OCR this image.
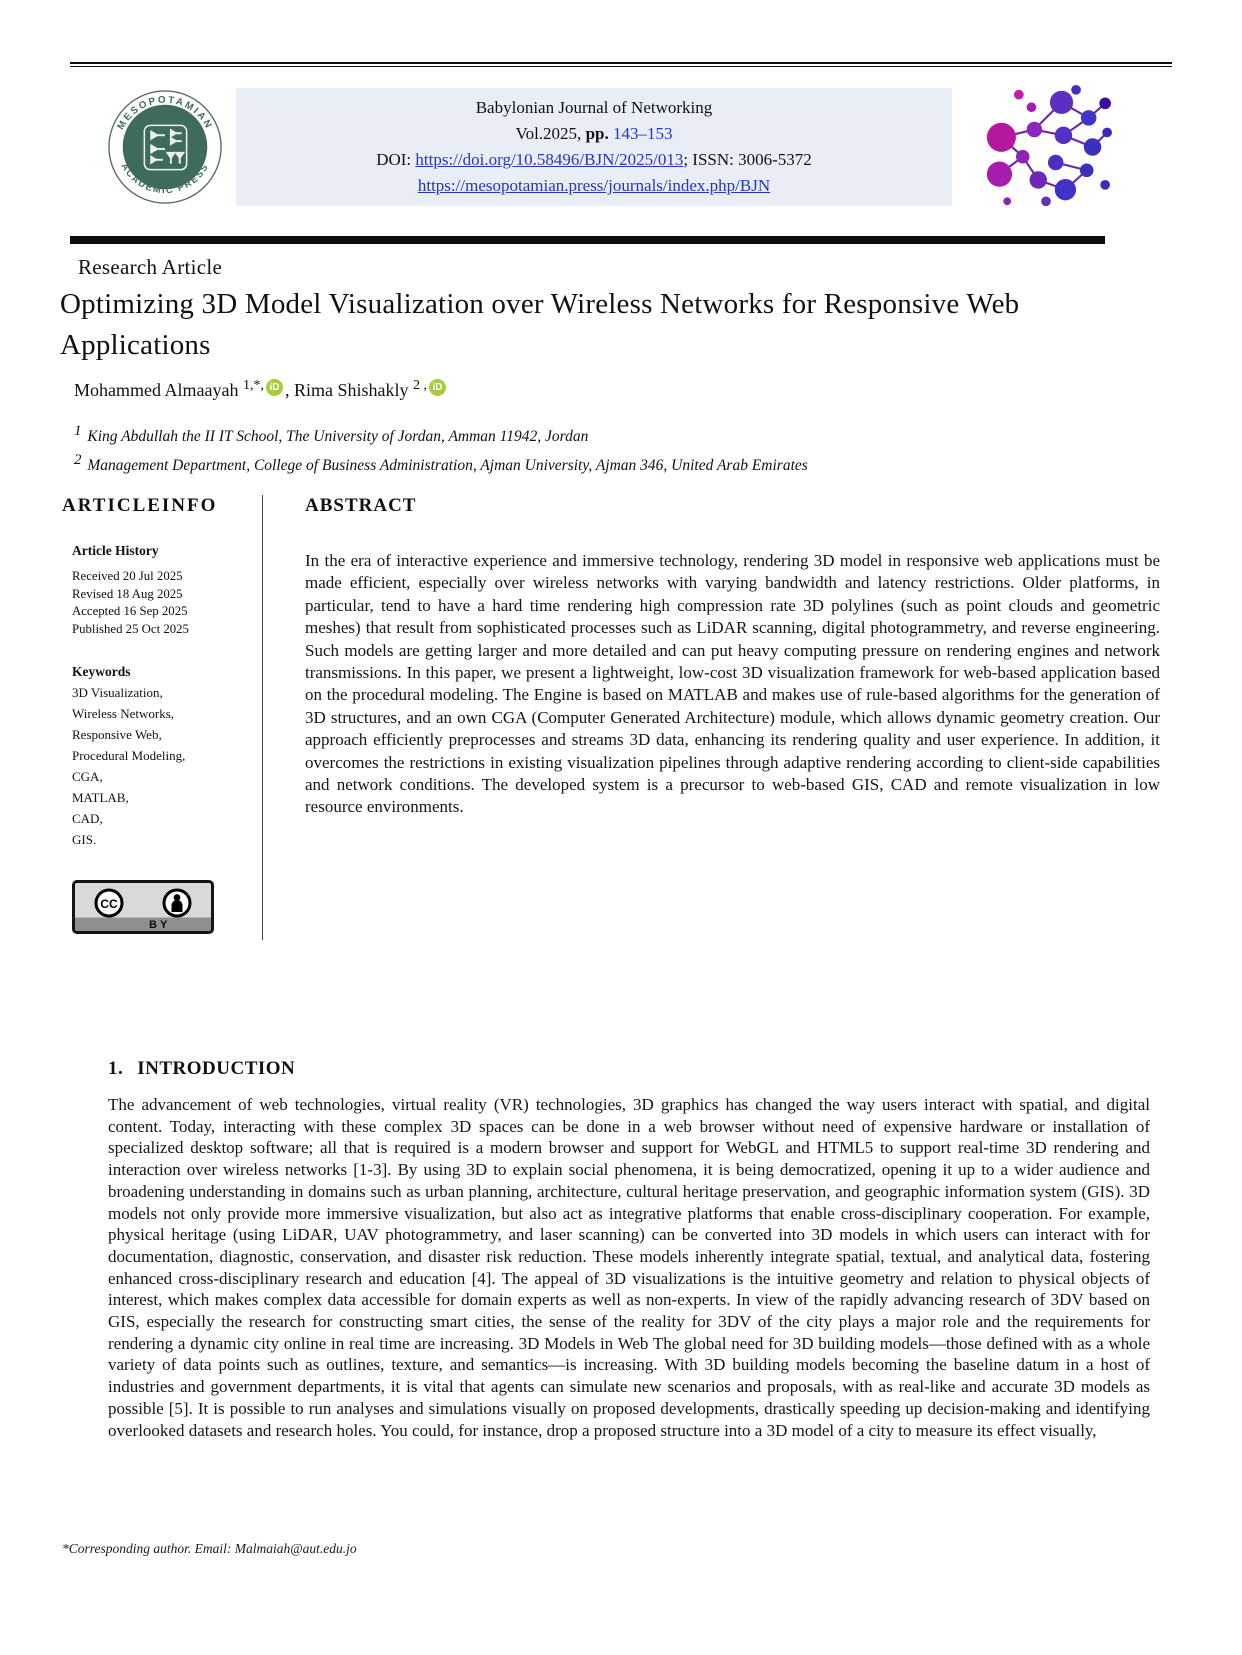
MESOPOTAMIAN
ACADEMIC PRESS
Babylonian Journal of Networking
Vol.2025, pp. 143–153
DOI: https://doi.org/10.58496/BJN/2025/013; ISSN: 3006-5372
https://mesopotamian.press/journals/index.php/BJN
Research Article
Optimizing 3D Model Visualization over Wireless Networks for Responsive Web Applications
Mohammed Almaayah $^{1,*,}$ iD , Rima Shishakly $^{2 ,}$ iD
1 King Abdullah the II IT School, The University of Jordan, Amman 11942, Jordan
2 Management Department, College of Business Administration, Ajman University, Ajman 346, United Arab Emirates
ARTICLEINFO
Article History
Received 20 Jul 2025
Revised 18 Aug 2025
Accepted 16 Sep 2025
Published 25 Oct 2025
Keywords
3D Visualization,
Wireless Networks,
Responsive Web,
Procedural Modeling,
CGA,
MATLAB,
CAD,
GIS.
CC
BY
ABSTRACT

In the era of interactive experience and immersive technology, rendering 3D model in responsive web applications must be made efficient, especially over wireless networks with varying bandwidth and latency restrictions. Older platforms, in particular, tend to have a hard time rendering high compression rate 3D polylines (such as point clouds and geometric meshes) that result from sophisticated processes such as LiDAR scanning, digital photogrammetry, and reverse engineering. Such models are getting larger and more detailed and can put heavy computing pressure on rendering engines and network transmissions. In this paper, we present a lightweight, low-cost 3D visualization framework for web-based application based on the procedural modeling. The Engine is based on MATLAB and makes use of rule-based algorithms for the generation of 3D structures, and an own CGA (Computer Generated Architecture) module, which allows dynamic geometry creation. Our approach efficiently preprocesses and streams 3D data, enhancing its rendering quality and user experience. In addition, it overcomes the restrictions in existing visualization pipelines through adaptive rendering according to client-side capabilities and network conditions. The developed system is a precursor to web-based GIS, CAD and remote visualization in low resource environments.

1. INTRODUCTION

The advancement of web technologies, virtual reality (VR) technologies, 3D graphics has changed the way users interact with spatial, and digital content. Today, interacting with these complex 3D spaces can be done in a web browser without need of expensive hardware or installation of specialized desktop software; all that is required is a modern browser and support for WebGL and HTML5 to support real-time 3D rendering and interaction over wireless networks [1-3]. By using 3D to explain social phenomena, it is being democratized, opening it up to a wider audience and broadening understanding in domains such as urban planning, architecture, cultural heritage preservation, and geographic information system (GIS). 3D models not only provide more immersive visualization, but also act as integrative platforms that enable cross-disciplinary cooperation. For example, physical heritage (using LiDAR, UAV photogrammetry, and laser scanning) can be converted into 3D models in which users can interact with for documentation, diagnostic, conservation, and disaster risk reduction. These models inherently integrate spatial, textual, and analytical data, fostering enhanced cross-disciplinary research and education [4]. The appeal of 3D visualizations is the intuitive geometry and relation to physical objects of interest, which makes complex data accessible for domain experts as well as non-experts. In view of the rapidly advancing research of 3DV based on GIS, especially the research for constructing smart cities, the sense of the reality for 3DV of the city plays a major role and the requirements for rendering a dynamic city online in real time are increasing. 3D Models in Web The global need for 3D building models—those defined with as a whole variety of data points such as outlines, texture, and semantics—is increasing. With 3D building models becoming the baseline datum in a host of industries and government departments, it is vital that agents can simulate new scenarios and proposals, with as real-like and accurate 3D models as possible [5]. It is possible to run analyses and simulations visually on proposed developments, drastically speeding up decision-making and identifying overlooked datasets and research holes. You could, for instance, drop a proposed structure into a 3D model of a city to measure its effect visually,

*Corresponding author. Email: Malmaiah@aut.edu.jo
